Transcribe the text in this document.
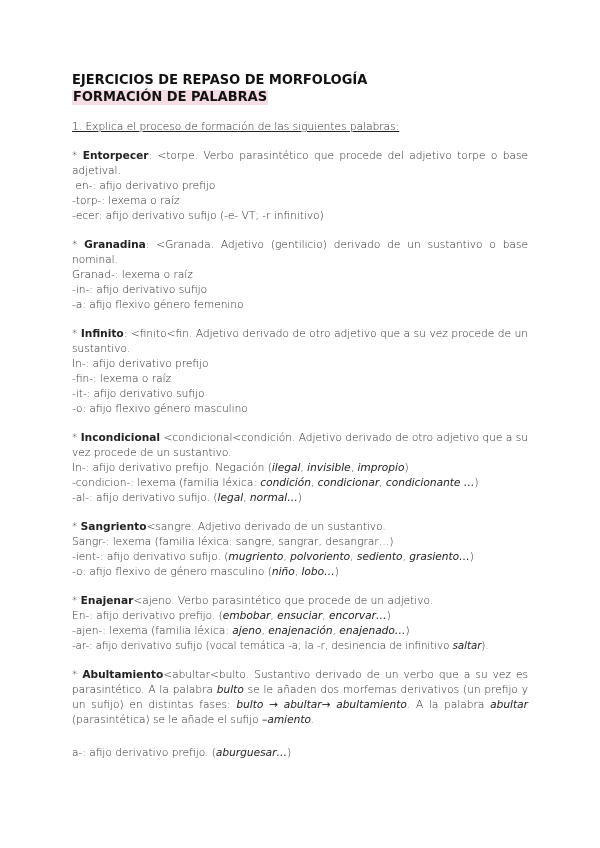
EJERCICIOS DE REPASO DE MORFOLOGÍA
FORMACIÓN DE PALABRAS
1. Explica el proceso de formación de las siguientes palabras:
* Entorpecer: <torpe. Verbo parasintético que procede del adjetivo torpe o base adjetival.
en-: afijo derivativo prefijo
-torp-: lexema o raíz
-ecer: afijo derivativo sufijo (-e- VT; -r infinitivo)
* Granadina: <Granada. Adjetivo (gentilicio) derivado de un sustantivo o base nominal.
Granad-: lexema o raíz
-in-: afijo derivativo sufijo
-a: afijo flexivo género femenino
* Infinito: <finito<fin. Adjetivo derivado de otro adjetivo que a su vez procede de un sustantivo.
In-: afijo derivativo prefijo
-fin-: lexema o raíz
-it-: afijo derivativo sufijo
-o: afijo flexivo género masculino
* Incondicional <condicional<condición. Adjetivo derivado de otro adjetivo que a su vez procede de un sustantivo.
In-: afijo derivativo prefijo. Negación (ilegal, invisible, impropio)
-condicion-: lexema (familia léxica: condición, condicionar, condicionante …)
-al-: afijo derivativo sufijo. (legal, normal…)
* Sangriento<sangre. Adjetivo derivado de un sustantivo.
Sangr-: lexema (familia léxica: sangre, sangrar, desangrar…)
-ient-: afijo derivativo sufijo. (mugriento, polvoriento, sediento, grasiento…)
-o: afijo flexivo de género masculino (niño, lobo…)
* Enajenar<ajeno. Verbo parasintético que procede de un adjetivo.
En-: afijo derivativo prefijo. (embobar, ensuciar, encorvar…)
-ajen-: lexema (familia léxica: ajeno, enajenación, enajenado…)
-ar-: afijo derivativo sufijo (vocal temática -a; la -r, desinencia de infinitivo saltar).
* Abultamiento<abultar<bulto. Sustantivo derivado de un verbo que a su vez es parasintético. A la palabra bulto se le añaden dos morfemas derivativos (un prefijo y un sufijo) en distintas fases: bulto → abultar→ abultamiento. A la palabra abultar (parasintética) se le añade el sufijo –amiento.
a-: afijo derivativo prefijo. (aburguesar…)
